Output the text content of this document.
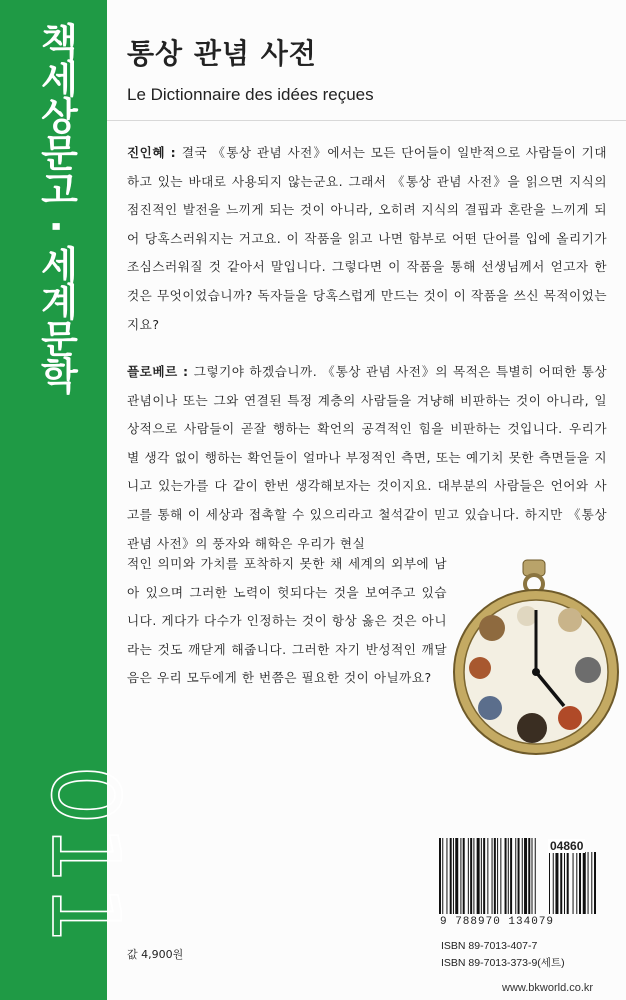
책세상문고 · 세계문학
011
통상 관념 사전
Le Dictionnaire des idées reçues

진인혜 : 결국 《통상 관념 사전》에서는 모든 단어들이 일반적으로 사람들이 기대하고 있는 바대로 사용되지 않는군요. 그래서 《통상 관념 사전》을 읽으면 지식의 점진적인 발전을 느끼게 되는 것이 아니라, 오히려 지식의 결핍과 혼란을 느끼게 되어 당혹스러워지는 거고요. 이 작품을 읽고 나면 함부로 어떤 단어를 입에 올리기가 조심스러워질 것 같아서 말입니다. 그렇다면 이 작품을 통해 선생님께서 얻고자 한 것은 무엇이었습니까? 독자들을 당혹스럽게 만드는 것이 이 작품을 쓰신 목적이었는지요?

플로베르 : 그렇기야 하겠습니까. 《통상 관념 사전》의 목적은 특별히 어떠한 통상 관념이나 또는 그와 연결된 특정 계층의 사람들을 겨냥해 비판하는 것이 아니라, 일상적으로 사람들이 곧잘 행하는 확언의 공격적인 힘을 비판하는 것입니다. 우리가 별 생각 없이 행하는 확언들이 얼마나 부정적인 측면, 또는 예기치 못한 측면들을 지니고 있는가를 다 같이 한번 생각해보자는 것이지요. 대부분의 사람들은 언어와 사고를 통해 이 세상과 접촉할 수 있으리라고 철석같이 믿고 있습니다. 하지만 《통상 관념 사전》의 풍자와 해학은 우리가 현실

적인 의미와 가치를 포착하지 못한 채 세계의 외부에 남아 있으며 그러한 노력이 헛되다는 것을 보여주고 있습니다. 게다가 다수가 인정하는 것이 항상 옳은 것은 아니라는 것도 깨닫게 해줍니다. 그러한 자기 반성적인 깨달음은 우리 모두에게 한 번쯤은 필요한 것이 아닐까요?

04860
9 788970 134079
값 4,900원
ISBN 89-7013-407-7
ISBN 89-7013-373-9(세트)
www.bkworld.co.kr
